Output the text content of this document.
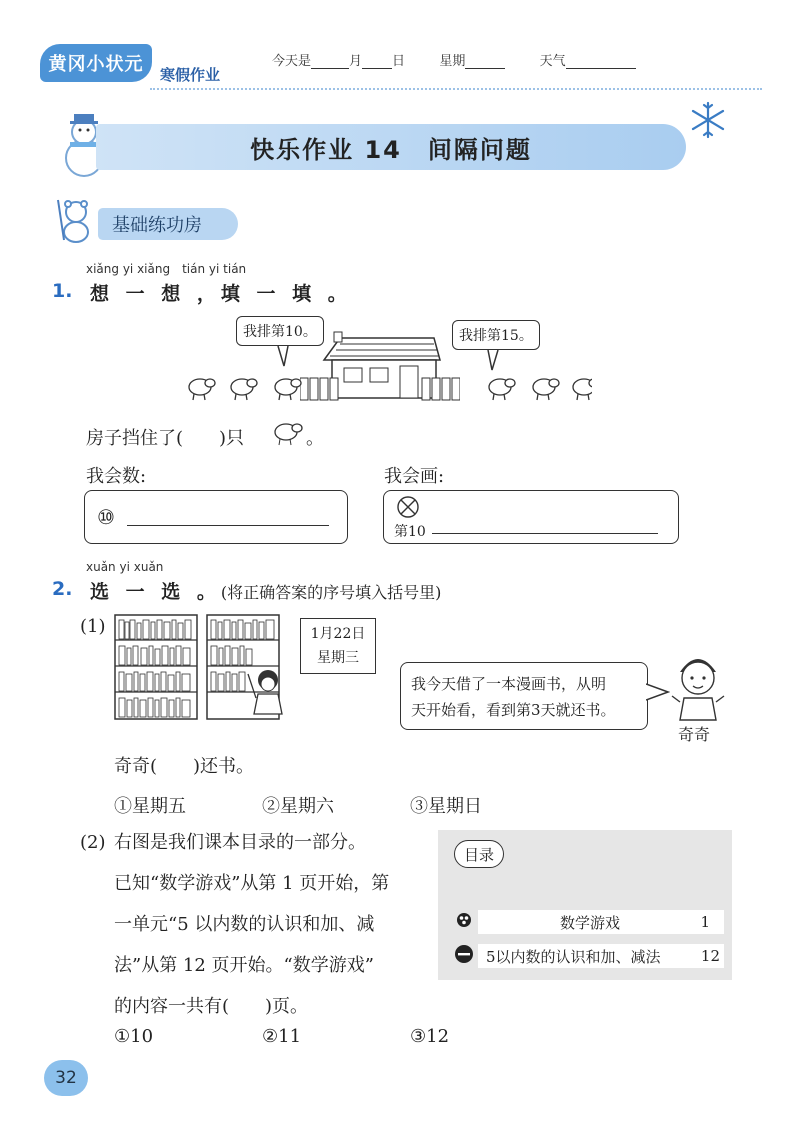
黄冈小状元 寒假作业
今天是	月 日	星期	天气
快乐作业 14　间隔问题
基础练功房
xiǎng yi xiǎng　tián yi tián
1. 想 一 想 ，填 一 填 。
我排第10。	我排第15。
房子挡住了(　　)只	。
我会数:	我会画:
⑩
第10
xuǎn yi xuǎn
2. 选 一 选 。(将正确答案的序号填入括号里)
(1)	1月22日
星期三
我今天借了一本漫画书，从明
天开始看，看到第3天就还书。
奇奇
奇奇(　　)还书。
①星期五	②星期六	③星期日
(2) 右图是我们课本目录的一部分。
已知“数学游戏”从第 1 页开始，第
一单元“5 以内数的认识和加、减
法”从第 12 页开始。“数学游戏”
的内容一共有(　　)页。
目录
数学游戏	1
5以内数的认识和加、减法	12
①10	②11	③12
32
